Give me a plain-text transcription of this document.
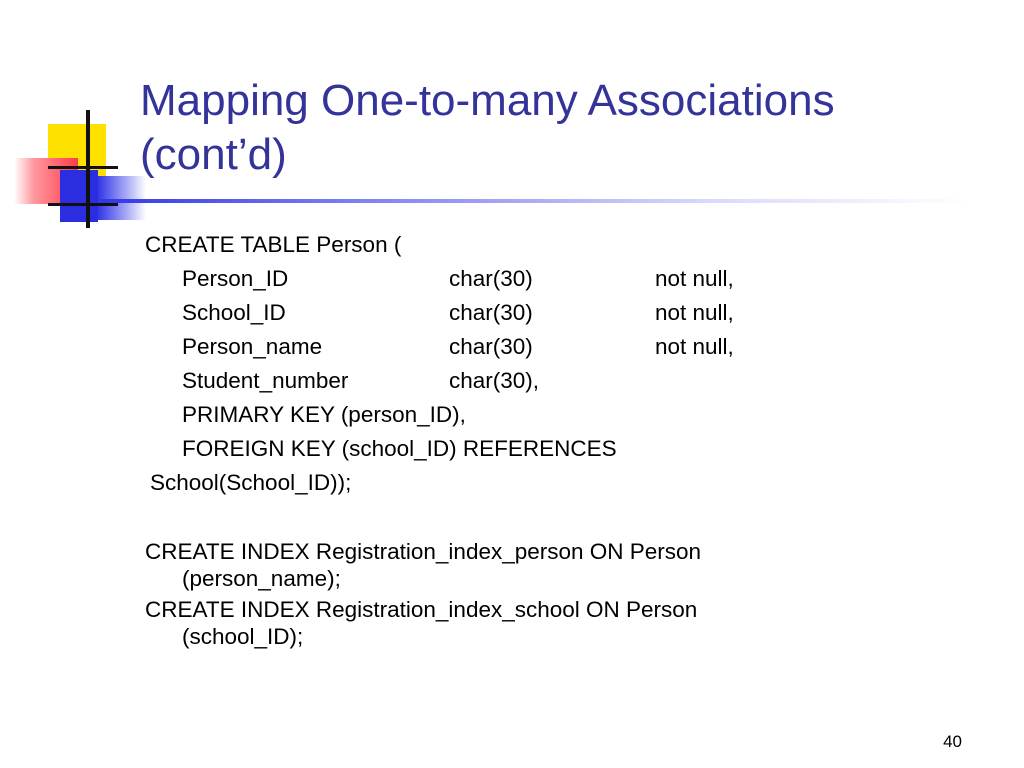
Mapping One-to-many Associations
(cont’d)
CREATE TABLE Person (
Person_ID	char(30)	not null,
School_ID	char(30)	not null,
Person_name	char(30)	not null,
Student_number	char(30),
PRIMARY KEY (person_ID),
FOREIGN KEY (school_ID) REFERENCES
School(School_ID));
CREATE INDEX Registration_index_person ON Person
(person_name);
CREATE INDEX Registration_index_school ON Person
(school_ID);
40
